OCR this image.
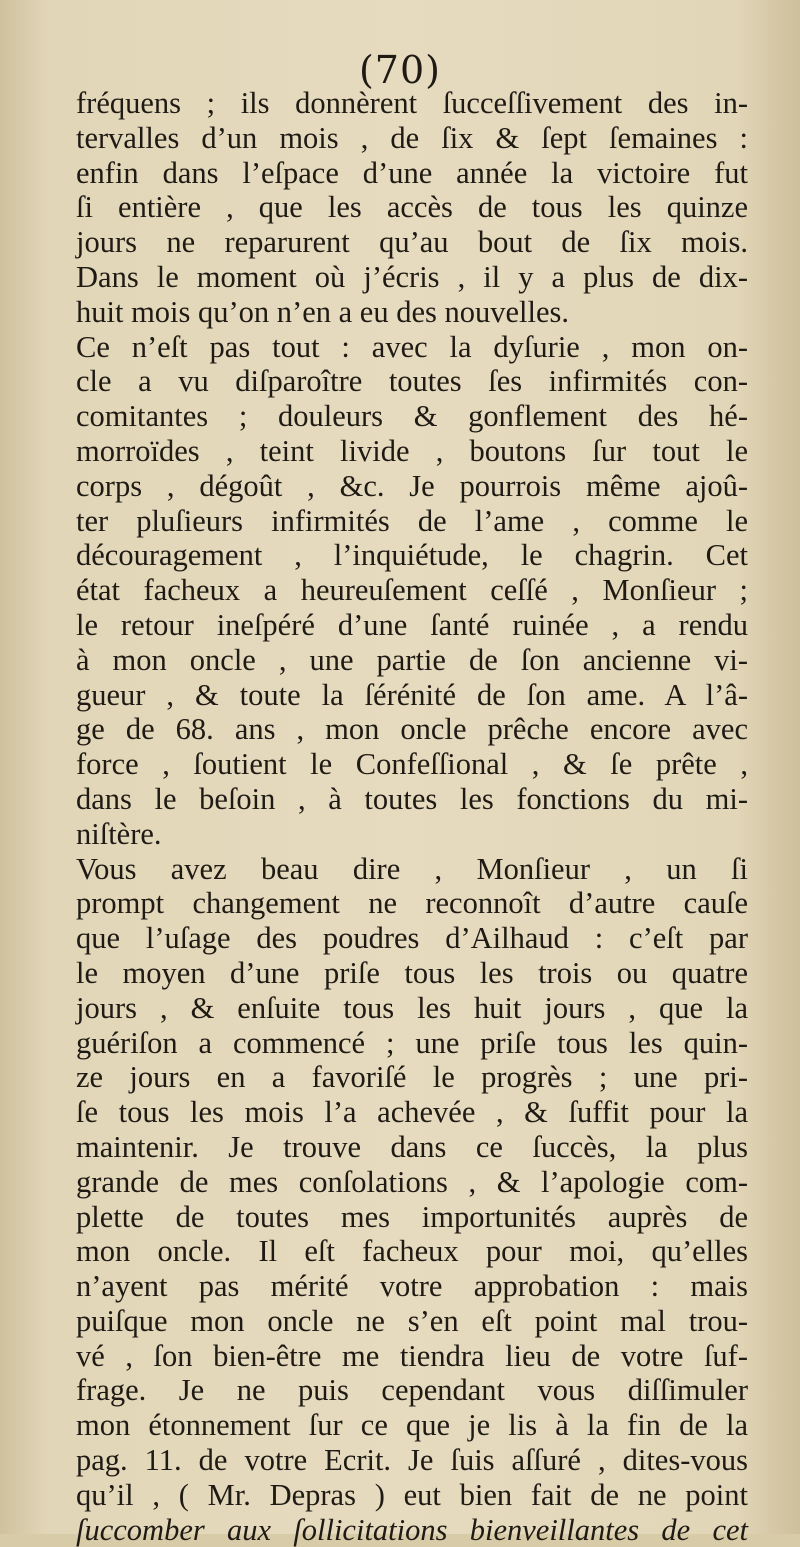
(70)
fréquens ; ils donnèrent ſucceſſivement des in-
tervalles d’un mois , de ſix & ſept ſemaines :
enfin dans l’eſpace d’une année la victoire fut
ſi entière , que les accès de tous les quinze
jours ne reparurent qu’au bout de ſix mois.
Dans le moment où j’écris , il y a plus de dix-
huit mois qu’on n’en a eu des nouvelles.
Ce n’eſt pas tout : avec la dyſurie , mon on-
cle a vu diſparoître toutes ſes infirmités con-
comitantes ; douleurs & gonflement des hé-
morroïdes , teint livide , boutons ſur tout le
corps , dégoût , &c. Je pourrois même ajoû-
ter pluſieurs infirmités de l’ame , comme le
découragement , l’inquiétude, le chagrin. Cet
état facheux a heureuſement ceſſé , Monſieur ;
le retour ineſpéré d’une ſanté ruinée , a rendu
à mon oncle , une partie de ſon ancienne vi-
gueur , & toute la ſérénité de ſon ame. A l’â-
ge de 68. ans , mon oncle prêche encore avec
force , ſoutient le Confeſſional , & ſe prête ,
dans le beſoin , à toutes les fonctions du mi-
niſtère.
Vous avez beau dire , Monſieur , un ſi
prompt changement ne reconnoît d’autre cauſe
que l’uſage des poudres d’Ailhaud : c’eſt par
le moyen d’une priſe tous les trois ou quatre
jours , & enſuite tous les huit jours , que la
guériſon a commencé ; une priſe tous les quin-
ze jours en a favoriſé le progrès ; une pri-
ſe tous les mois l’a achevée , & ſuffit pour la
maintenir. Je trouve dans ce ſuccès, la plus
grande de mes conſolations , & l’apologie com-
plette de toutes mes importunités auprès de
mon oncle. Il eſt facheux pour moi, qu’elles
n’ayent pas mérité votre approbation : mais
puiſque mon oncle ne s’en eſt point mal trou-
vé , ſon bien-être me tiendra lieu de votre ſuf-
frage. Je ne puis cependant vous diſſimuler
mon étonnement ſur ce que je lis à la fin de la
pag. 11. de votre Ecrit. Je ſuis aſſuré , dites-vous
qu’il , ( Mr. Depras ) eut bien fait de ne point
ſuccomber aux ſollicitations bienveillantes de cet
